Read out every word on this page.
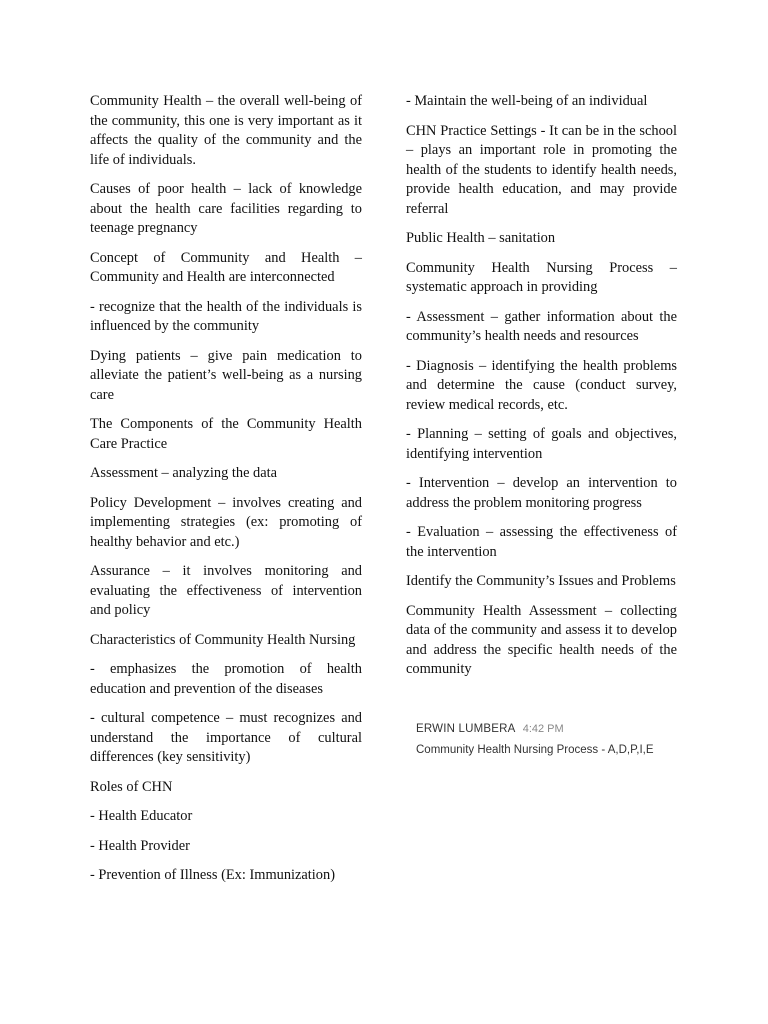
Community Health – the overall well-being of the community, this one is very important as it affects the quality of the community and the life of individuals.

Causes of poor health – lack of knowledge about the health care facilities regarding to teenage pregnancy

Concept of Community and Health – Community and Health are interconnected

- recognize that the health of the individuals is influenced by the community

Dying patients – give pain medication to alleviate the patient’s well-being as a nursing care

The Components of the Community Health Care Practice

Assessment – analyzing the data

Policy Development – involves creating and implementing strategies (ex: promoting of healthy behavior and etc.)

Assurance – it involves monitoring and evaluating the effectiveness of intervention and policy

Characteristics of Community Health Nursing

- emphasizes the promotion of health education and prevention of the diseases

- cultural competence – must recognizes and understand the importance of cultural differences (key sensitivity)

Roles of CHN

- Health Educator

- Health Provider

- Prevention of Illness (Ex: Immunization)

- Maintain the well-being of an individual

CHN Practice Settings - It can be in the school – plays an important role in promoting the health of the students to identify health needs, provide health education, and may provide referral

Public Health – sanitation

Community Health Nursing Process – systematic approach in providing

- Assessment – gather information about the community’s health needs and resources

- Diagnosis – identifying the health problems and determine the cause (conduct survey, review medical records, etc.

- Planning – setting of goals and objectives, identifying intervention

- Intervention – develop an intervention to address the problem monitoring progress

- Evaluation – assessing the effectiveness of the intervention

Identify the Community’s Issues and Problems

Community Health Assessment – collecting data of the community and assess it to develop and address the specific health needs of the community

ERWIN LUMBERA 4:42 PM
Community Health Nursing Process - A,D,P,I,E
